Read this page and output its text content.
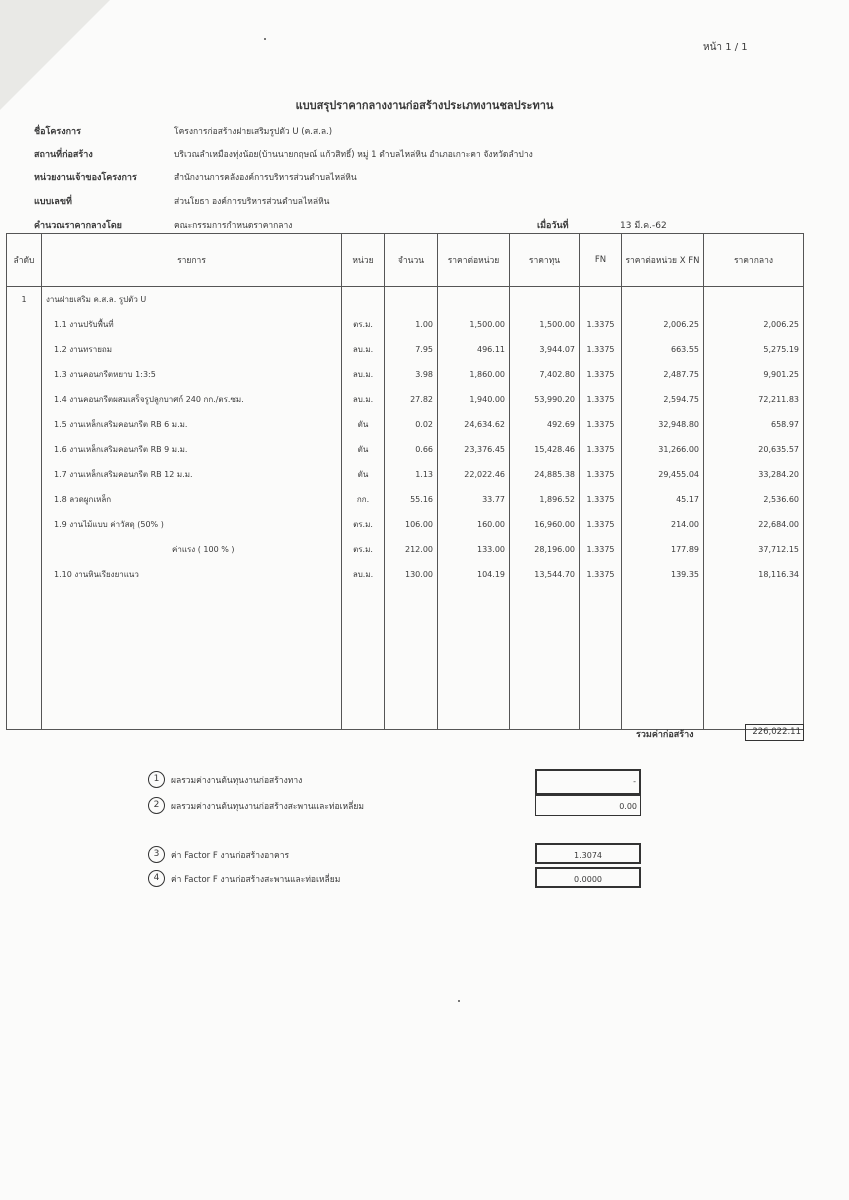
หน้า 1 / 1
แบบสรุปราคากลางงานก่อสร้างประเภทงานชลประทาน
ชื่อโครงการ	โครงการก่อสร้างฝายเสริมรูปตัว U (ค.ส.ล.)
สถานที่ก่อสร้าง	บริเวณลำเหมืองทุ่งน้อย(บ้านนายกฤษณ์ แก้วสิทธิ์) หมู่ 1 ตำบลไหล่หิน อำเภอเกาะคา จังหวัดลำปาง
หน่วยงานเจ้าของโครงการ	สำนักงานการคลังองค์การบริหารส่วนตำบลไหล่หิน
แบบเลขที่	ส่วนโยธา องค์การบริหารส่วนตำบลไหล่หิน
คำนวณราคากลางโดย	คณะกรรมการกำหนดราคากลาง	เมื่อวันที่	13 มี.ค.-62
ลำดับ	รายการ	หน่วย	จำนวน	ราคาต่อหน่วย	ราคาทุน	FN	ราคาต่อหน่วย X FN	ราคากลาง
1	งานฝายเสริม ค.ส.ล. รูปตัว U							
	1.1 งานปรับพื้นที่	ตร.ม.	1.00	1,500.00	1,500.00	1.3375	2,006.25	2,006.25
	1.2 งานทรายถม	ลบ.ม.	7.95	496.11	3,944.07	1.3375	663.55	5,275.19
	1.3 งานคอนกรีตหยาบ 1:3:5	ลบ.ม.	3.98	1,860.00	7,402.80	1.3375	2,487.75	9,901.25
	1.4 งานคอนกรีตผสมเสร็จรูปลูกบาศก์ 240 กก./ตร.ซม.	ลบ.ม.	27.82	1,940.00	53,990.20	1.3375	2,594.75	72,211.83
	1.5 งานเหล็กเสริมคอนกรีต RB 6 ม.ม.	ตัน	0.02	24,634.62	492.69	1.3375	32,948.80	658.97
	1.6 งานเหล็กเสริมคอนกรีต RB 9 ม.ม.	ตัน	0.66	23,376.45	15,428.46	1.3375	31,266.00	20,635.57
	1.7 งานเหล็กเสริมคอนกรีต RB 12 ม.ม.	ตัน	1.13	22,022.46	24,885.38	1.3375	29,455.04	33,284.20
	1.8 ลวดผูกเหล็ก	กก.	55.16	33.77	1,896.52	1.3375	45.17	2,536.60
	1.9 งานไม้แบบ ค่าวัสดุ (50% )	ตร.ม.	106.00	160.00	16,960.00	1.3375	214.00	22,684.00
	ค่าแรง ( 100 % )	ตร.ม.	212.00	133.00	28,196.00	1.3375	177.89	37,712.15
	1.10 งานหินเรียงยาแนว	ลบ.ม.	130.00	104.19	13,544.70	1.3375	139.35	18,116.34

รวมค่าก่อสร้าง	226,022.11
1	ผลรวมค่างานต้นทุนงานก่อสร้างทาง	-
2	ผลรวมค่างานต้นทุนงานก่อสร้างสะพานและท่อเหลี่ยม	0.00
3	ค่า Factor F งานก่อสร้างอาคาร	1.3074
4	ค่า Factor F งานก่อสร้างสะพานและท่อเหลี่ยม	0.0000
